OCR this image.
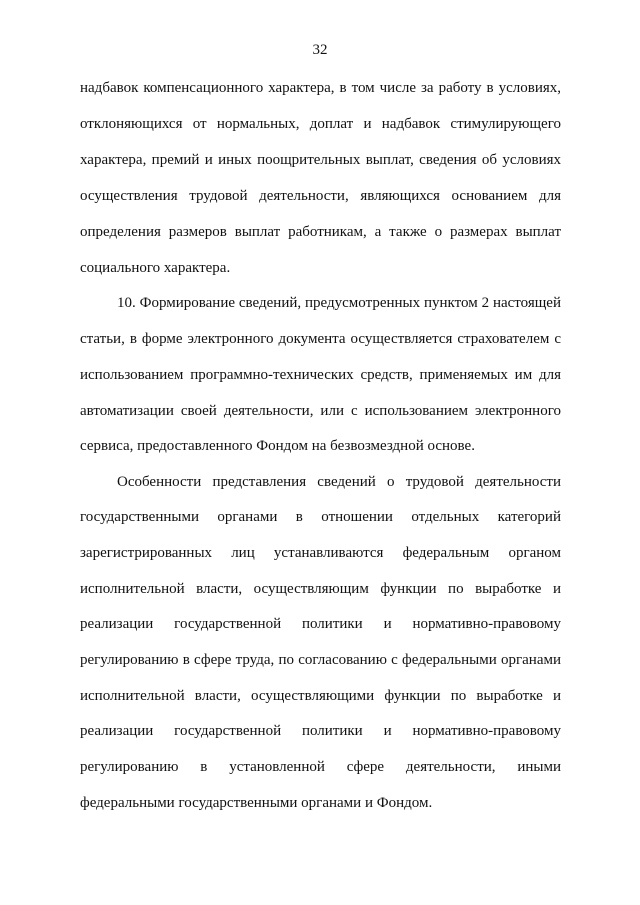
32
надбавок компенсационного характера, в том числе за работу в условиях,
отклоняющихся от нормальных, доплат и надбавок стимулирующего
характера, премий и иных поощрительных выплат, сведения об условиях
осуществления трудовой деятельности, являющихся основанием для
определения размеров выплат работникам, а также о размерах выплат
социального характера.
10. Формирование сведений, предусмотренных пунктом 2 настоящей
статьи, в форме электронного документа осуществляется страхователем с
использованием программно-технических средств, применяемых им для
автоматизации своей деятельности, или с использованием электронного
сервиса, предоставленного Фондом на безвозмездной основе.
Особенности представления сведений о трудовой деятельности
государственными органами в отношении отдельных категорий
зарегистрированных лиц устанавливаются федеральным органом
исполнительной власти, осуществляющим функции по выработке и
реализации государственной политики и нормативно-правовому
регулированию в сфере труда, по согласованию с федеральными органами
исполнительной власти, осуществляющими функции по выработке и
реализации государственной политики и нормативно-правовому
регулированию в установленной сфере деятельности, иными
федеральными государственными органами и Фондом.
